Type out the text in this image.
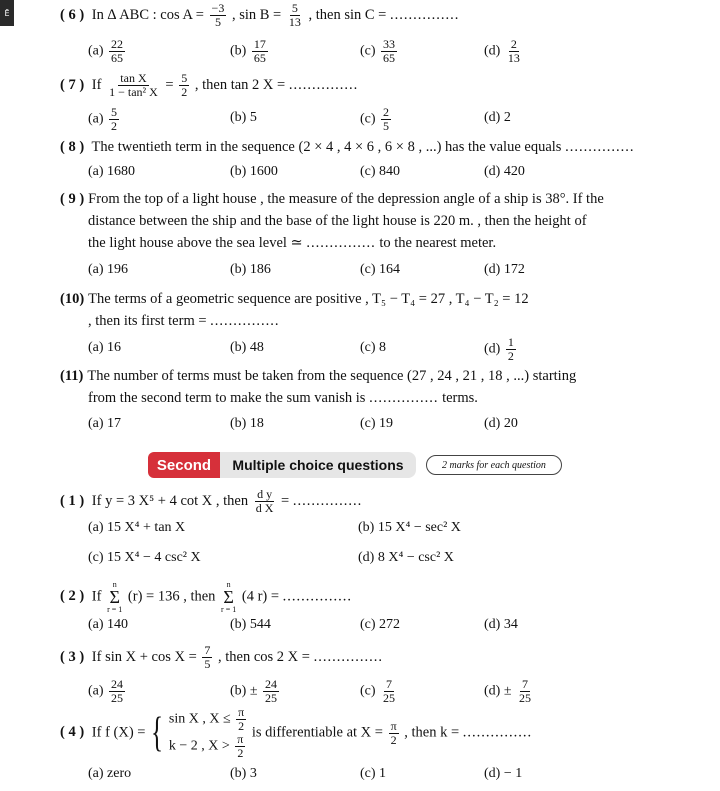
Ē	( 6 ) In ∆ ABC : $\cos A = \frac{-3}{5}$ , $\sin B = \frac{5}{13}$ , then sin C = ...............
$(a) \frac{22}{65}$	$(b) \frac{17}{65}$	$(c) \frac{33}{65}$	$(d) \frac{2}{13}$
( 7 ) If $\frac{\text{tan X}}{\text{1 − tan² X}} = \frac{5}{2}$ , then tan 2 X = ...............
$(a) \frac{5}{2}$	(b) 5	$(c) \frac{2}{5}$	(d) 2
( 8 ) The twentieth term in the sequence (2 × 4 , 4 × 6 , 6 × 8 , ...) has the value equals ...............
(a) 1680	(b) 1600	(c) 840	(d) 420
( 9 ) From the top of a light house , the measure of the depression angle of a ship is 38°. If the
distance between the ship and the base of the light house is 220 m. , then the height of
the light house above the sea level ≃ ............... to the nearest meter.
(a) 196	(b) 186	(c) 164	(d) 172
(10) The terms of a geometric sequence are positive , T₅ − T₄ = 27 , T₄ − T₂ = 12
, then its first term = ...............
(a) 16	(b) 48	(c) 8	$(d) \frac{1}{2}$
(11) The number of terms must be taken from the sequence (27 , 24 , 21 , 18 , ...) starting
from the second term to make the sum vanish is ............... terms.
(a) 17	(b) 18	(c) 19	(d) 20
Second Multiple choice questions	2 marks for each question
( 1 ) If y = 3 X⁵ + 4 cot X , then $\frac{\text{d y}}{\text{d X}}$ = ...............
(a) 15 X⁴ + tan X	(b) 15 X⁴ − sec² X
(c) 15 X⁴ − 4 csc² X	(d) 8 X⁴ − csc² X
( 2 ) If
n
Σ
r = 1
(r) = 136 , then
n
Σ
r = 1
(4 r) = ...............
(a) 140	(b) 544	(c) 272	(d) 34
( 3 ) If $\sin X + \cos X = \frac{7}{5}$ , then cos 2 X = ...............
$(a) \frac{24}{25}$	$(b) \pm \frac{24}{25}$	$(c) \frac{7}{25}$	$(d) \pm \frac{7}{25}$
( 4 ) If f (X) = { sin X , $X \le \frac{\pi}{2}$
k − 2 , $X > \frac{\pi}{2}$
is differentiable at $X = \frac{\pi}{2}$ , then k = ...............
(a) zero	(b) 3	(c) 1	(d) − 1
